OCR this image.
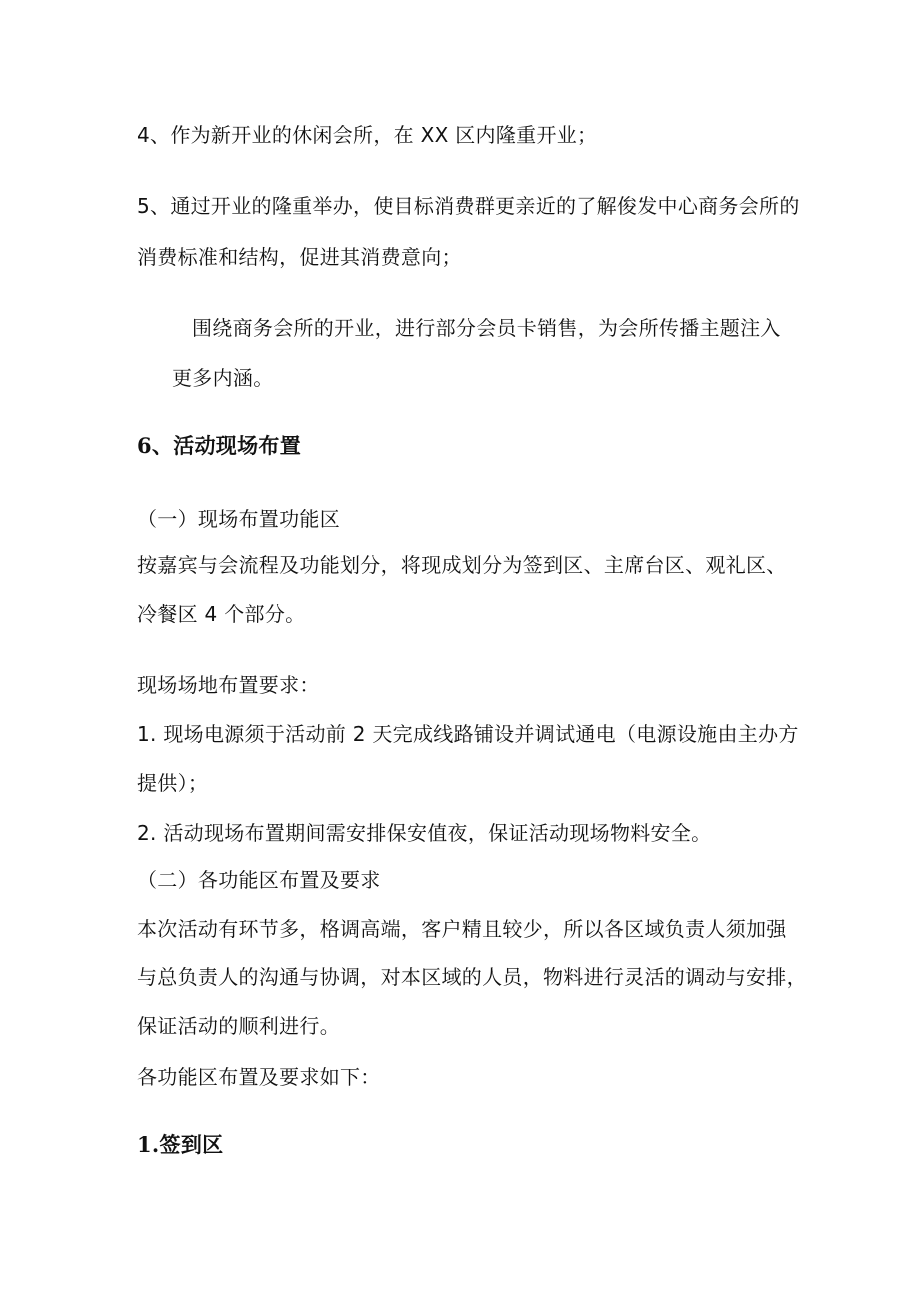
4、作为新开业的休闲会所，在 XX 区内隆重开业；
5、通过开业的隆重举办，使目标消费群更亲近的了解俊发中心商务会所的
消费标准和结构，促进其消费意向；
围绕商务会所的开业，进行部分会员卡销售，为会所传播主题注入
更多内涵。
6、活动现场布置
（一）现场布置功能区
按嘉宾与会流程及功能划分，将现成划分为签到区、主席台区、观礼区、
冷餐区 4 个部分。
现场场地布置要求：
1. 现场电源须于活动前 2 天完成线路铺设并调试通电（电源设施由主办方
提供）；
2. 活动现场布置期间需安排保安值夜，保证活动现场物料安全。
（二）各功能区布置及要求
本次活动有环节多，格调高端，客户精且较少，所以各区域负责人须加强
与总负责人的沟通与协调，对本区域的人员，物料进行灵活的调动与安排，
保证活动的顺利进行。
各功能区布置及要求如下：
1.签到区
